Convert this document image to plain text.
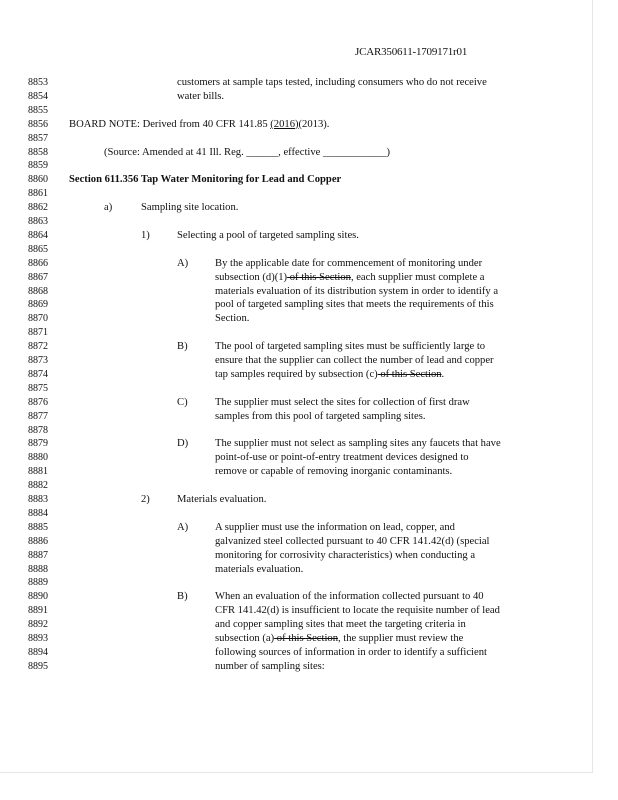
JCAR350611-1709171r01
8853	customers at sample taps tested, including consumers who do not receive
8854	water bills.
8855
8856 BOARD NOTE: Derived from 40 CFR 141.85 (2016)(2013).
8857
8858	(Source: Amended at 41 Ill. Reg. ______, effective ____________)
8859
8860 Section 611.356 Tap Water Monitoring for Lead and Copper
8861
8862	a)	Sampling site location.
8863
8864	1)	Selecting a pool of targeted sampling sites.
8865
8866	A)	By the applicable date for commencement of monitoring under
8867	subsection (d)(1) of this Section, each supplier must complete a
8868	materials evaluation of its distribution system in order to identify a
8869	pool of targeted sampling sites that meets the requirements of this
8870	Section.
8871
8872	B)	The pool of targeted sampling sites must be sufficiently large to
8873	ensure that the supplier can collect the number of lead and copper
8874	tap samples required by subsection (c) of this Section.
8875
8876	C)	The supplier must select the sites for collection of first draw
8877	samples from this pool of targeted sampling sites.
8878
8879	D)	The supplier must not select as sampling sites any faucets that have
8880	point-of-use or point-of-entry treatment devices designed to
8881	remove or capable of removing inorganic contaminants.
8882
8883	2)	Materials evaluation.
8884
8885	A)	A supplier must use the information on lead, copper, and
8886	galvanized steel collected pursuant to 40 CFR 141.42(d) (special
8887	monitoring for corrosivity characteristics) when conducting a
8888	materials evaluation.
8889
8890	B)	When an evaluation of the information collected pursuant to 40
8891	CFR 141.42(d) is insufficient to locate the requisite number of lead
8892	and copper sampling sites that meet the targeting criteria in
8893	subsection (a) of this Section, the supplier must review the
8894	following sources of information in order to identify a sufficient
8895	number of sampling sites:
